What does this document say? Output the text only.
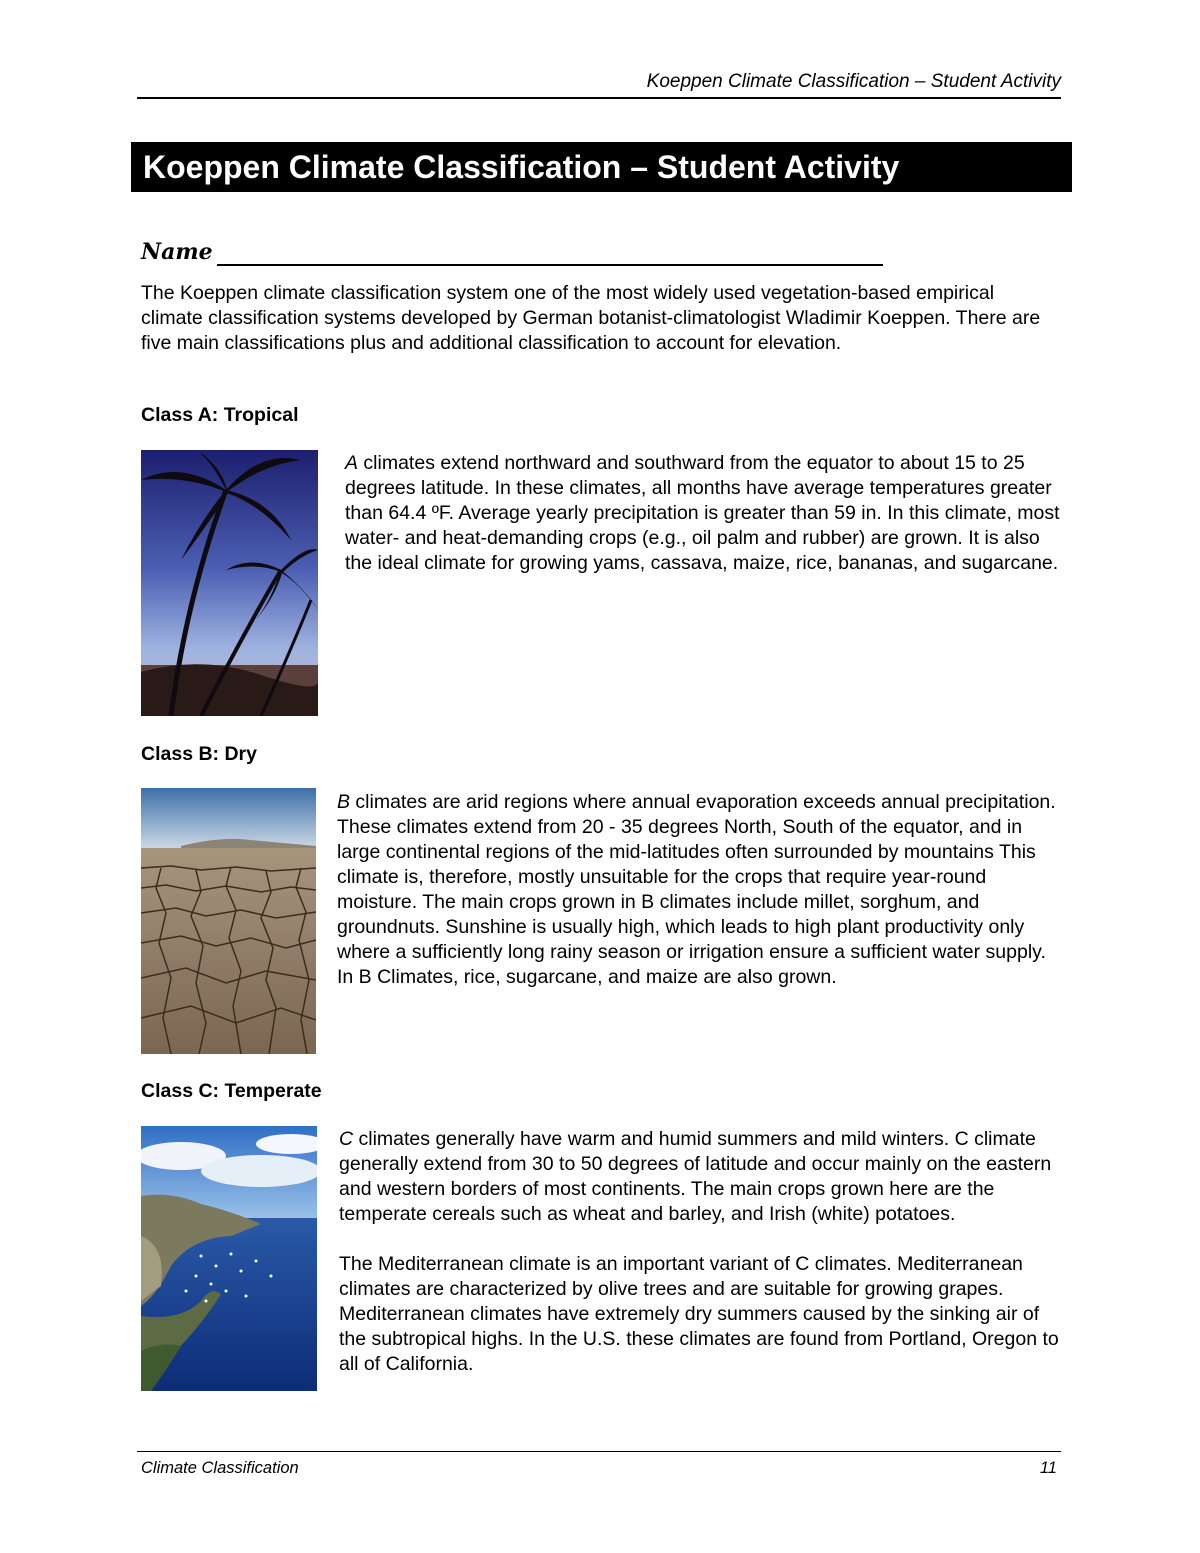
Koeppen Climate Classification – Student Activity
Koeppen Climate Classification – Student Activity
Name

The Koeppen climate classification system one of the most widely used vegetation-based empirical climate classification systems developed by German botanist-climatologist Wladimir Koeppen. There are five main classifications plus and additional classification to account for elevation.

Class A: Tropical

A climates extend northward and southward from the equator to about 15 to 25 degrees latitude. In these climates, all months have average temperatures greater than 64.4 ºF. Average yearly precipitation is greater than 59 in. In this climate, most water- and heat-demanding crops (e.g., oil palm and rubber) are grown. It is also the ideal climate for growing yams, cassava, maize, rice, bananas, and sugarcane.

Class B: Dry

B climates are arid regions where annual evaporation exceeds annual precipitation. These climates extend from 20 - 35 degrees North, South of the equator, and in large continental regions of the mid-latitudes often surrounded by mountains This climate is, therefore, mostly unsuitable for the crops that require year-round moisture. The main crops grown in B climates include millet, sorghum, and groundnuts. Sunshine is usually high, which leads to high plant productivity only where a sufficiently long rainy season or irrigation ensure a sufficient water supply. In B Climates, rice, sugarcane, and maize are also grown.

Class C: Temperate

C climates generally have warm and humid summers and mild winters. C climate generally extend from 30 to 50 degrees of latitude and occur mainly on the eastern and western borders of most continents. The main crops grown here are the temperate cereals such as wheat and barley, and Irish (white) potatoes.

The Mediterranean climate is an important variant of C climates. Mediterranean climates are characterized by olive trees and are suitable for growing grapes. Mediterranean climates have extremely dry summers caused by the sinking air of the subtropical highs. In the U.S. these climates are found from Portland, Oregon to all of California.

Climate Classification	11
